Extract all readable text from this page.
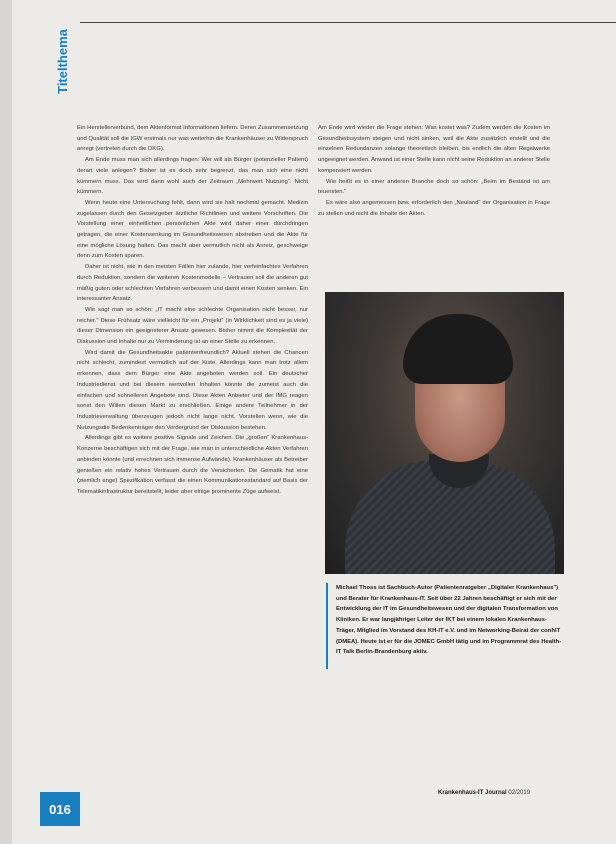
Titelthema

Ein Herstellerverbund, dem Aktenformat Informationen liefern. Deren Zusammensetzung und Qualität soll die IGW erstmals nur was weiterhin die Krankenhäuser zu Widerspruch anregt (vertreten durch die DKG).

Am Ende muss man sich allerdings fragen: Wer will als Bürger (potenzieller Patient) derart viele anlegen? Bisher ist es doch sehr begrenzt, das man sich eine nicht kümmern muss. Das wird dann wohl auch der Zeitraum „Mehrwert Nutzung". Nicht kümmern.

Wenn heute eine Untersuchung fehlt, dann wird sie halt nochmal gemacht. Medizin zugelassen durch den Gesetzgeber ärztliche Richtlinien und weitere Vorschriften. Die Vorstellung einer einheitlichen persönlichen Akte wird daher einer durchdringen getragen, die einer Kostensenkung im Gesundheitswesen abstreben und die Akte für eine mögliche Lösung halten. Das macht aber vermutlich nicht als Anreiz, geschweige denn zum Kosten sparen.

Daher ist nicht, wie in den meisten Fällen hier zulande, hier verfeinfachtes Verfahren durch Reduktion, sondern die weiteren Kostenmodelle – Vertrauen soll die anderen gut mäßig guten oder schlechten Verfahren verbessern und damit einen Kosten senken. Ein interessanter Ansatz.

Wie sagt man so schön: „IT macht eine schlechte Organisation nicht besser, nur reicher." Diese Frühsatz wäre vielleicht für ein „Projekt" (in Wirklichkeit sind es ja viele) dieser Dimension ein geeigneterer Ansatz gewesen. Bisher nimmt die Komplexität der Diskussion und Inhalte nur zu Verminderung ist an einer Stelle zu erkennen.

Wird damit die Gesundheitsakte patientenfreundlich? Aktuell stehen die Chancen nicht schlecht, zumindest vermutlich auf der Kiste. Allerdings kann man trotz allem erkennen, dass dem Bürger eine Akte angeboten werden soll. Ein deutscher Industriedienst und bei diesem wertvollen Inhalten könnte die zumeist auch die einfachen und schnelleren Angebote sind. Diese Akten Anbieter und der IMG reagen sonst den Willen diesen Markt zu erschließen. Einige andere Teilnehmer in der Industrieverwaltung überzeugen jedoch nicht lange nicht. Vorstellen wenn, wie die Nutzungsdie Bedenkenträger den Vordergrund der Diskussion bestehen.

Allerdings gibt es weitere positive Signale und Zeichen. Die „großen" Krankenhaus-Konzerne beschäftigen sich mit der Frage, wie man in unterschiedliche Akten Verfahren anbinden könnte (und errechnen sich immense Aufwände). Krankenhäuser als Betreiber genießen ein relativ hohes Vertrauen durch die Versicherten. Die Gematik hat eine (ziemlich enge) Spezifikation verfasst die einen Kommunikationsstandard auf Basis der Telematikinfrastruktur bereitstellt, leider aber einige prominente Züge aufweist.

Am Ende wird wieder die Frage stehen: Was kostet was? Zudem werden die Kosten im Gesundheitssystem steigen und nicht sinken, weil die Akte zusätzlich erstellt und die einzelnen Redundanzen solange theoretisch bleiben, bis endlich die alten Regelwerke ungeeignet werden. Anwand ist einer Stelle kann nicht seine Reduktion an anderer Stelle kompensiert werden.

Wie heißt es in einer anderen Branche doch so schön: „Beim im Bestand ist am teuersten."

Es wäre also angemessen bzw. erforderlich den „Neuland" der Organisation in Frage zu stellen und nicht die Inhalte der Akten.

Michael Thoss ist Sachbuch-Autor (Patientenratgeber „Digitaler Krankenhaus") und Berater für Krankenhaus-IT. Seit über 22 Jahren beschäftigt er sich mit der Entwicklung der IT im Gesundheitswesen und der digitalen Transformation von Kliniken. Er war langjähriger Leiter der IKT bei einem lokalen Krankenhaus-Träger, Mitglied im Vorstand des KH-IT e.V. und im Networking-Beirat der conhIT (DMEA). Heute ist er für die JOMEC GmbH tätig und im Programmrat des Health-IT Talk Berlin-Brandenburg aktiv.
016
Krankenhaus-IT Journal 02/2019
